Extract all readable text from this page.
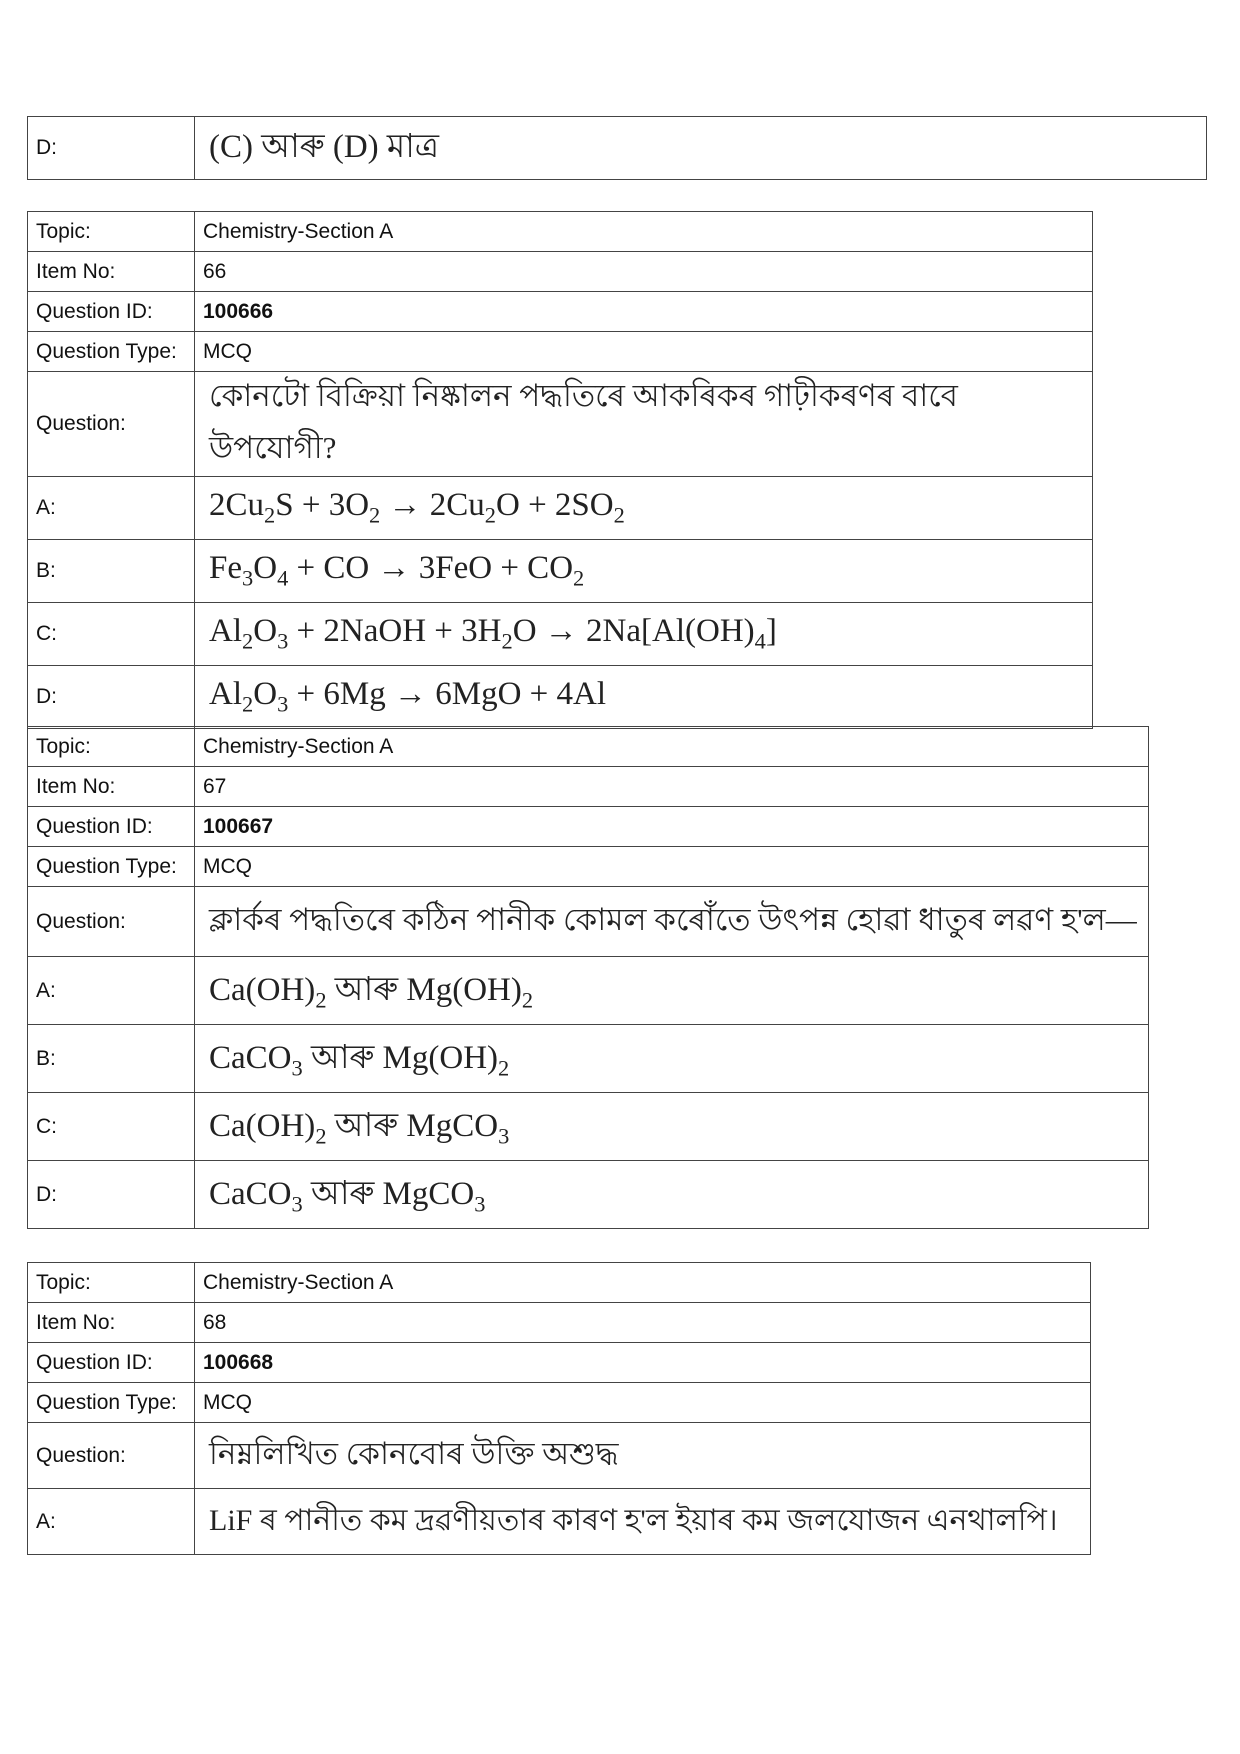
D:	(C) আৰু (D) মাত্ৰ
Topic:	Chemistry-Section A
Item No:	66
Question ID:	100666
Question Type:	MCQ
Question:	কোনটো বিক্ৰিয়া নিষ্কালন পদ্ধতিৰে আকৰিকৰ গাঢ়ীকৰণৰ বাবে উপযোগী?
A:	$2Cu_2S + 3O_2 \to 2Cu_2O + 2SO_2$
B:	$Fe_3O_4$ + CO → $3FeO + CO_2$
C:	$Al_2O_3$ + 2NaOH + $3H_2O \to 2Na[Al(OH)_4]$
D:	$Al_2O_3 + 6Mg \to 6MgO + 4Al$
Topic:	Chemistry-Section A
Item No:	67
Question ID:	100667
Question Type:	MCQ
Question:	ক্লাৰ্কৰ পদ্ধতিৰে কঠিন পানীক কোমল কৰোঁতে উৎপন্ন হোৱা ধাতুৰ লৱণ হ'ল—
A:	$Ca(OH)_2$ আৰু $Mg(OH)_2$
B:	CaCO$_3$ আৰু $Mg(OH)_2$
C:	$Ca(OH)_2$ আৰু MgCO$_3$
D:	CaCO$_3$ আৰু MgCO$_3$
Topic:	Chemistry-Section A
Item No:	68
Question ID:	100668
Question Type:	MCQ
Question:	নিম্নলিখিত কোনবোৰ উক্তি অশুদ্ধ
A:	LiF ৰ পানীত কম দ্ৰৱণীয়তাৰ কাৰণ হ'ল ইয়াৰ কম জলযোজন এনথালপি।
